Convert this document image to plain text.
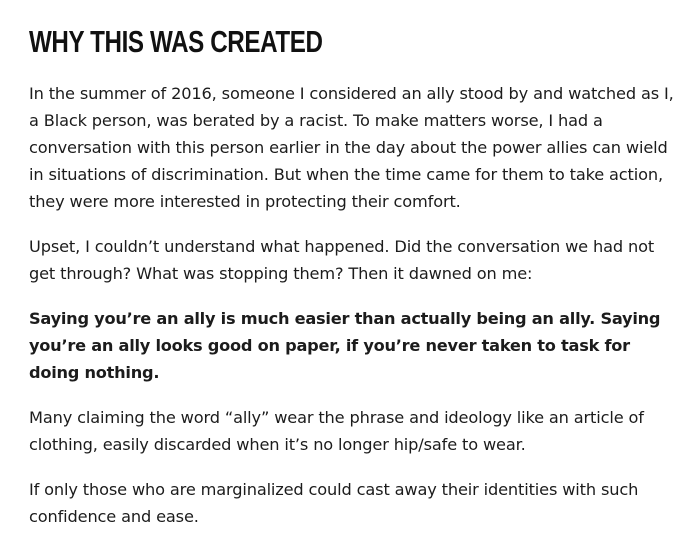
WHY THIS WAS CREATED

In the summer of 2016, someone I considered an ally stood by and watched as I, a Black person, was berated by a racist. To make matters worse, I had a conversation with this person earlier in the day about the power allies can wield in situations of discrimination. But when the time came for them to take action, they were more interested in protecting their comfort.

Upset, I couldn’t understand what happened. Did the conversation we had not get through? What was stopping them? Then it dawned on me:

Saying you’re an ally is much easier than actually being an ally. Saying you’re an ally looks good on paper, if you’re never taken to task for doing nothing.

Many claiming the word “ally” wear the phrase and ideology like an article of clothing, easily discarded when it’s no longer hip/safe to wear.

If only those who are marginalized could cast away their identities with such confidence and ease.
